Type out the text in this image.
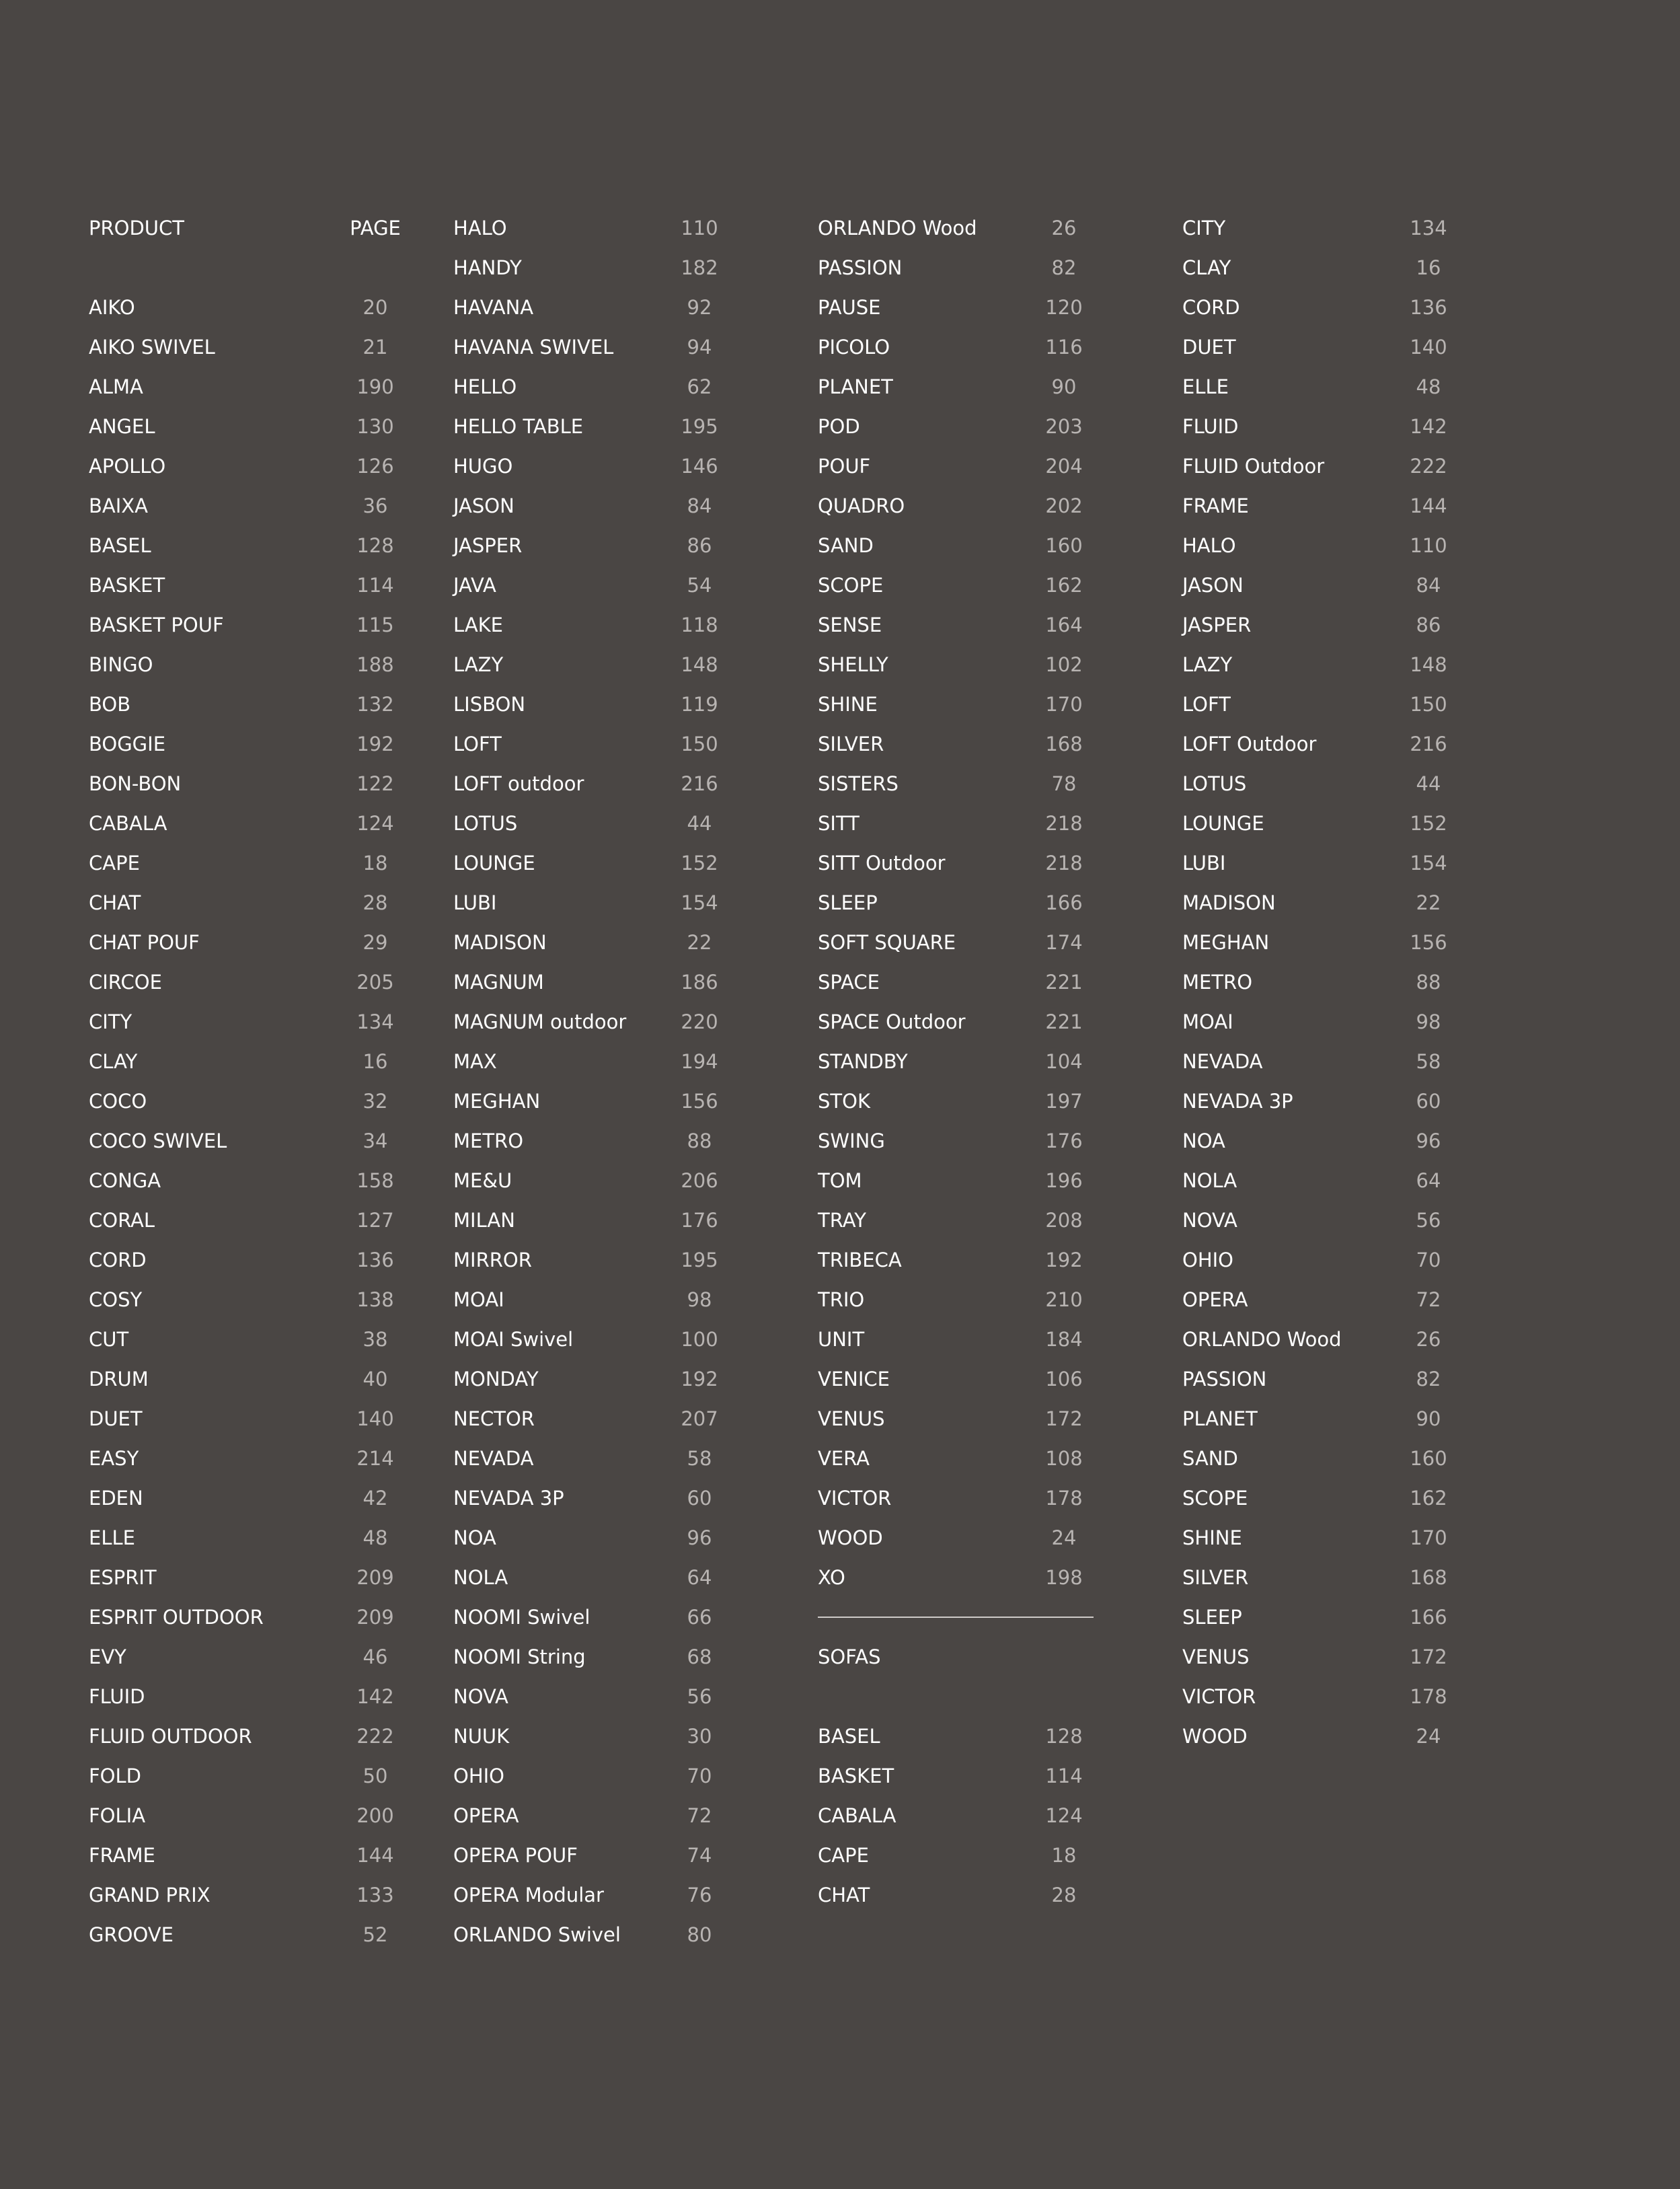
PRODUCT	PAGE
AIKO	20
AIKO SWIVEL	21
ALMA	190
ANGEL	130
APOLLO	126
BAIXA	36
BASEL	128
BASKET	114
BASKET POUF	115
BINGO	188
BOB	132
BOGGIE	192
BON-BON	122
CABALA	124
CAPE	18
CHAT	28
CHAT POUF	29
CIRCOE	205
CITY	134
CLAY	16
COCO	32
COCO SWIVEL	34
CONGA	158
CORAL	127
CORD	136
COSY	138
CUT	38
DRUM	40
DUET	140
EASY	214
EDEN	42
ELLE	48
ESPRIT	209
ESPRIT OUTDOOR	209
EVY	46
FLUID	142
FLUID OUTDOOR	222
FOLD	50
FOLIA	200
FRAME	144
GRAND PRIX	133
GROOVE	52
HALO	110
HANDY	182
HAVANA	92
HAVANA SWIVEL	94
HELLO	62
HELLO TABLE	195
HUGO	146
JASON	84
JASPER	86
JAVA	54
LAKE	118
LAZY	148
LISBON	119
LOFT	150
LOFT outdoor	216
LOTUS	44
LOUNGE	152
LUBI	154
MADISON	22
MAGNUM	186
MAGNUM outdoor	220
MAX	194
MEGHAN	156
METRO	88
ME&U	206
MILAN	176
MIRROR	195
MOAI	98
MOAI Swivel	100
MONDAY	192
NECTOR	207
NEVADA	58
NEVADA 3P	60
NOA	96
NOLA	64
NOOMI Swivel	66
NOOMI String	68
NOVA	56
NUUK	30
OHIO	70
OPERA	72
OPERA POUF	74
OPERA Modular	76
ORLANDO Swivel	80
ORLANDO Wood	26
PASSION	82
PAUSE	120
PICOLO	116
PLANET	90
POD	203
POUF	204
QUADRO	202
SAND	160
SCOPE	162
SENSE	164
SHELLY	102
SHINE	170
SILVER	168
SISTERS	78
SITT	218
SITT Outdoor	218
SLEEP	166
SOFT SQUARE	174
SPACE	221
SPACE Outdoor	221
STANDBY	104
STOK	197
SWING	176
TOM	196
TRAY	208
TRIBECA	192
TRIO	210
UNIT	184
VENICE	106
VENUS	172
VERA	108
VICTOR	178
WOOD	24
XO	198
SOFAS
BASEL	128
BASKET	114
CABALA	124
CAPE	18
CHAT	28
CITY	134
CLAY	16
CORD	136
DUET	140
ELLE	48
FLUID	142
FLUID Outdoor	222
FRAME	144
HALO	110
JASON	84
JASPER	86
LAZY	148
LOFT	150
LOFT Outdoor	216
LOTUS	44
LOUNGE	152
LUBI	154
MADISON	22
MEGHAN	156
METRO	88
MOAI	98
NEVADA	58
NEVADA 3P	60
NOA	96
NOLA	64
NOVA	56
OHIO	70
OPERA	72
ORLANDO Wood	26
PASSION	82
PLANET	90
SAND	160
SCOPE	162
SHINE	170
SILVER	168
SLEEP	166
VENUS	172
VICTOR	178
WOOD	24
